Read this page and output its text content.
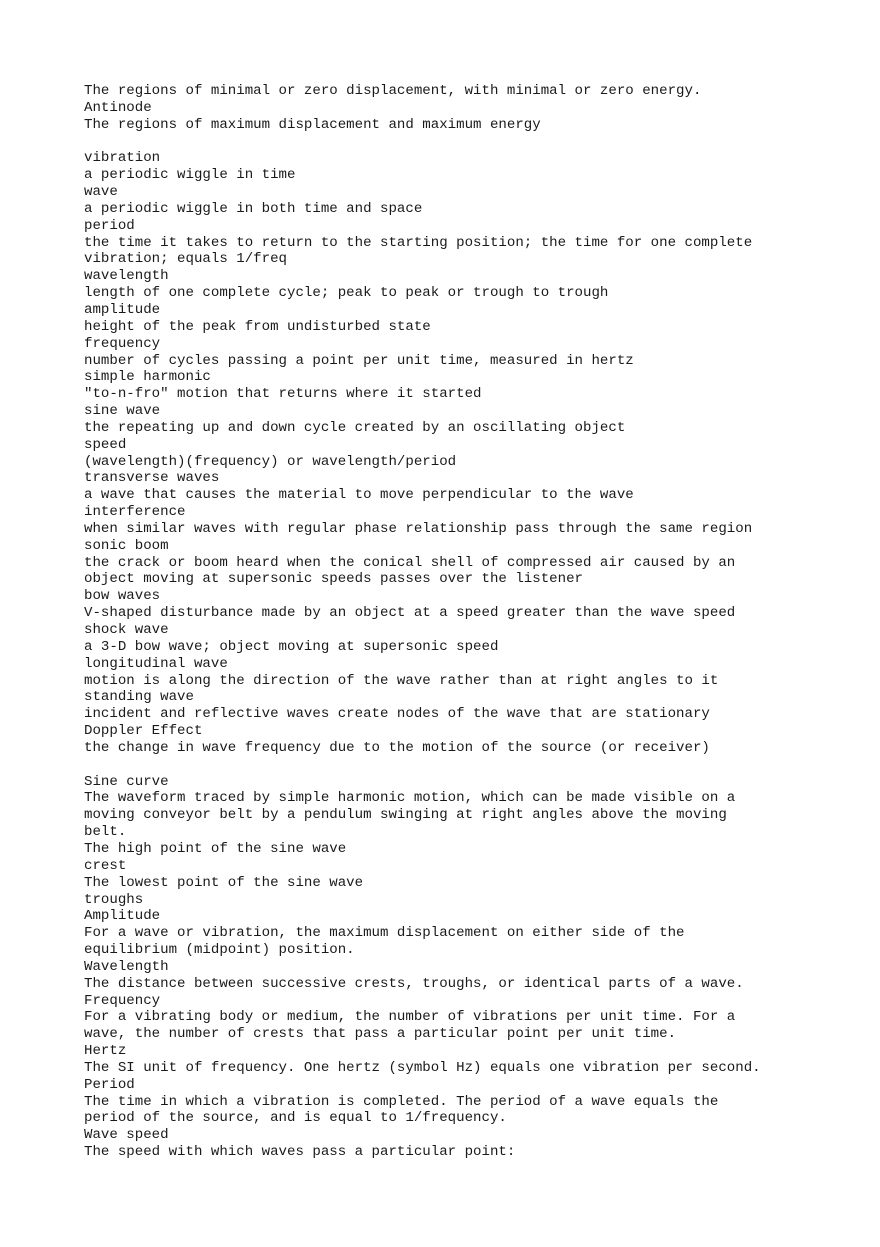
The regions of minimal or zero displacement, with minimal or zero energy.
Antinode
The regions of maximum displacement and maximum energy
vibration
a periodic wiggle in time
wave
a periodic wiggle in both time and space
period
the time it takes to return to the starting position; the time for one complete
vibration; equals 1/freq
wavelength
length of one complete cycle; peak to peak or trough to trough
amplitude
height of the peak from undisturbed state
frequency
number of cycles passing a point per unit time, measured in hertz
simple harmonic
"to-n-fro" motion that returns where it started
sine wave
the repeating up and down cycle created by an oscillating object
speed
(wavelength)(frequency) or wavelength/period
transverse waves
a wave that causes the material to move perpendicular to the wave
interference
when similar waves with regular phase relationship pass through the same region
sonic boom
the crack or boom heard when the conical shell of compressed air caused by an
object moving at supersonic speeds passes over the listener
bow waves
V-shaped disturbance made by an object at a speed greater than the wave speed
shock wave
a 3-D bow wave; object moving at supersonic speed
longitudinal wave
motion is along the direction of the wave rather than at right angles to it
standing wave
incident and reflective waves create nodes of the wave that are stationary
Doppler Effect
the change in wave frequency due to the motion of the source (or receiver)
Sine curve
The waveform traced by simple harmonic motion, which can be made visible on a
moving conveyor belt by a pendulum swinging at right angles above the moving
belt.
The high point of the sine wave
crest
The lowest point of the sine wave
troughs
Amplitude
For a wave or vibration, the maximum displacement on either side of the
equilibrium (midpoint) position.
Wavelength
The distance between successive crests, troughs, or identical parts of a wave.
Frequency
For a vibrating body or medium, the number of vibrations per unit time. For a
wave, the number of crests that pass a particular point per unit time.
Hertz
The SI unit of frequency. One hertz (symbol Hz) equals one vibration per second.
Period
The time in which a vibration is completed. The period of a wave equals the
period of the source, and is equal to 1/frequency.
Wave speed
The speed with which waves pass a particular point:
